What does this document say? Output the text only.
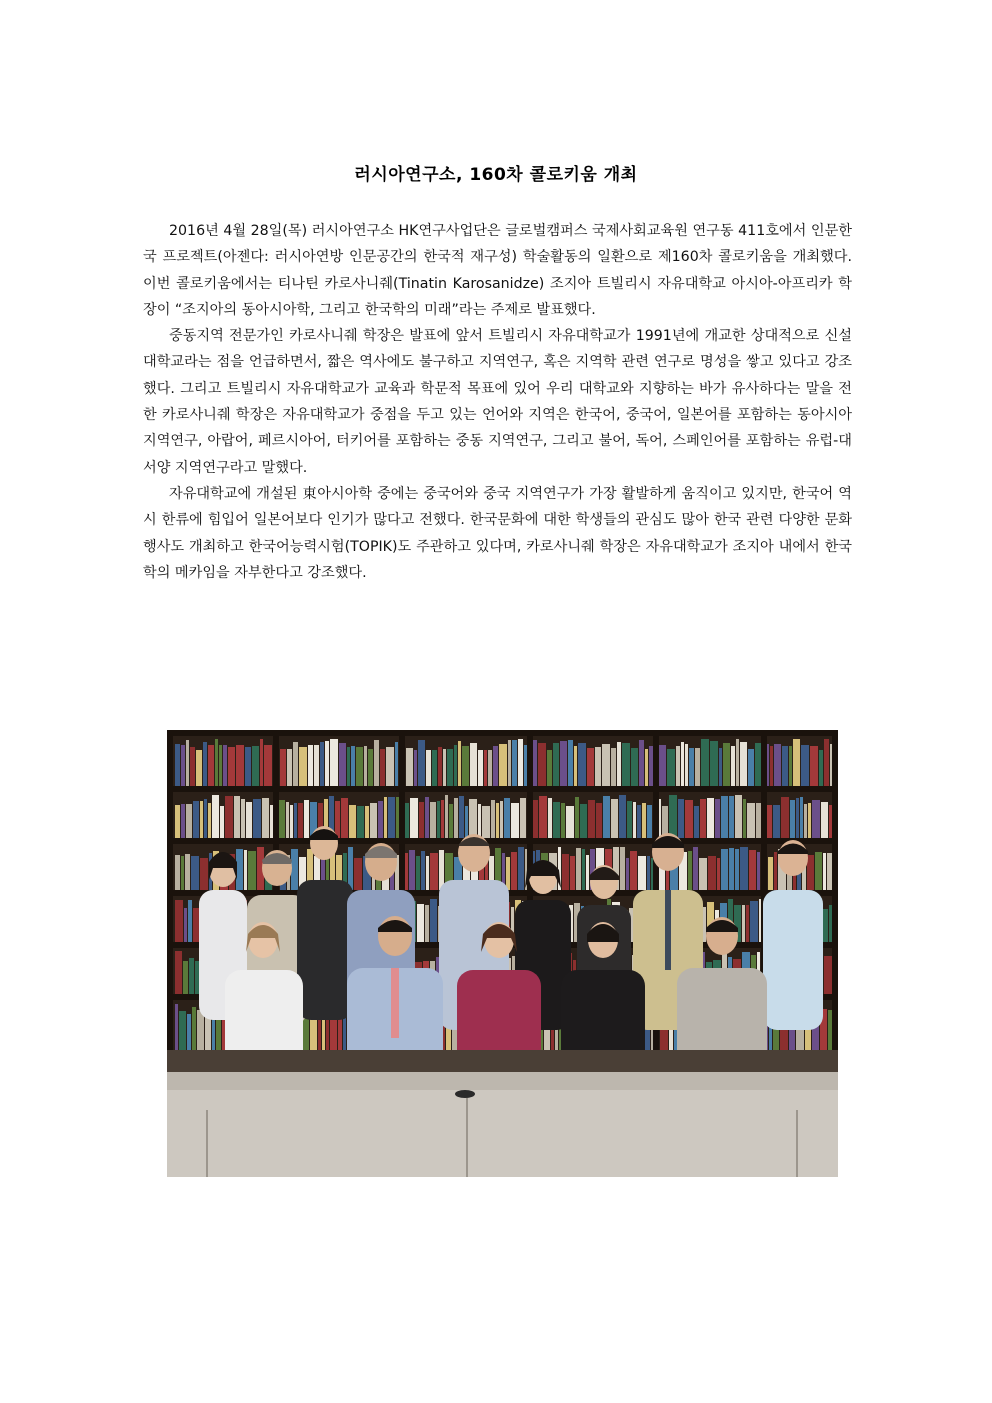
러시아연구소, 160차 콜로키움 개최

2016년 4월 28일(목) 러시아연구소 HK연구사업단은 글로벌캠퍼스 국제사회교육원 연구동 411호에서 인문한국 프로젝트(아젠다: 러시아연방 인문공간의 한국적 재구성) 학술활동의 일환으로 제160차 콜로키움을 개최했다. 이번 콜로키움에서는 티나틴 카로사니줴(Tinatin Karosanidze) 조지아 트빌리시 자유대학교 아시아-아프리카 학장이 “조지아의 동아시아학, 그리고 한국학의 미래”라는 주제로 발표했다.

중동지역 전문가인 카로사니줴 학장은 발표에 앞서 트빌리시 자유대학교가 1991년에 개교한 상대적으로 신설 대학교라는 점을 언급하면서, 짧은 역사에도 불구하고 지역연구, 혹은 지역학 관련 연구로 명성을 쌓고 있다고 강조했다. 그리고 트빌리시 자유대학교가 교육과 학문적 목표에 있어 우리 대학교와 지향하는 바가 유사하다는 말을 전한 카로사니줴 학장은 자유대학교가 중점을 두고 있는 언어와 지역은 한국어, 중국어, 일본어를 포함하는 동아시아 지역연구, 아랍어, 페르시아어, 터키어를 포함하는 중동 지역연구, 그리고 불어, 독어, 스페인어를 포함하는 유럽-대서양 지역연구라고 말했다.

자유대학교에 개설된 東아시아학 중에는 중국어와 중국 지역연구가 가장 활발하게 움직이고 있지만, 한국어 역시 한류에 힘입어 일본어보다 인기가 많다고 전했다. 한국문화에 대한 학생들의 관심도 많아 한국 관련 다양한 문화행사도 개최하고 한국어능력시험(TOPIK)도 주관하고 있다며, 카로사니줴 학장은 자유대학교가 조지아 내에서 한국학의 메카임을 자부한다고 강조했다.
